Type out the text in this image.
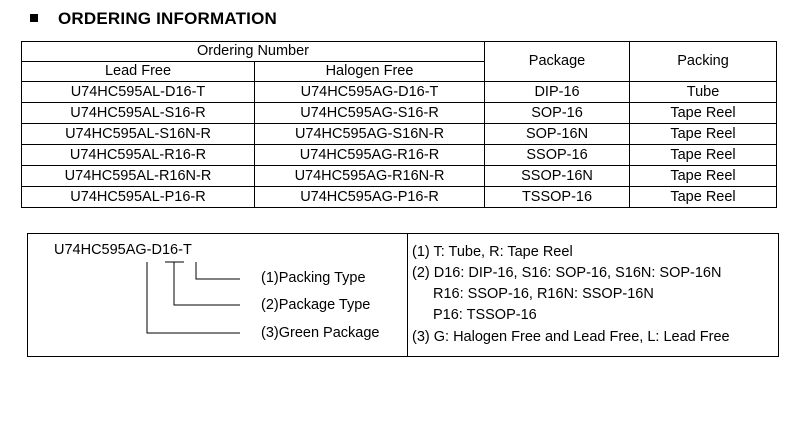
ORDERING INFORMATION
Ordering Number		Package	Packing
Lead Free	Halogen Free		
U74HC595AL-D16-T	U74HC595AG-D16-T	DIP-16	Tube
U74HC595AL-S16-R	U74HC595AG-S16-R	SOP-16	Tape Reel
U74HC595AL-S16N-R	U74HC595AG-S16N-R	SOP-16N	Tape Reel
U74HC595AL-R16-R	U74HC595AG-R16-R	SSOP-16	Tape Reel
U74HC595AL-R16N-R	U74HC595AG-R16N-R	SSOP-16N	Tape Reel
U74HC595AL-P16-R	U74HC595AG-P16-R	TSSOP-16	Tape Reel
U74HC595AG-D16-T
(1)Packing Type
(2)Package Type
(3)Green Package
(1) T: Tube, R: Tape Reel
(2) D16: DIP-16, S16: SOP-16, S16N: SOP-16N
R16: SSOP-16, R16N: SSOP-16N
P16: TSSOP-16
(3) G: Halogen Free and Lead Free, L: Lead Free
